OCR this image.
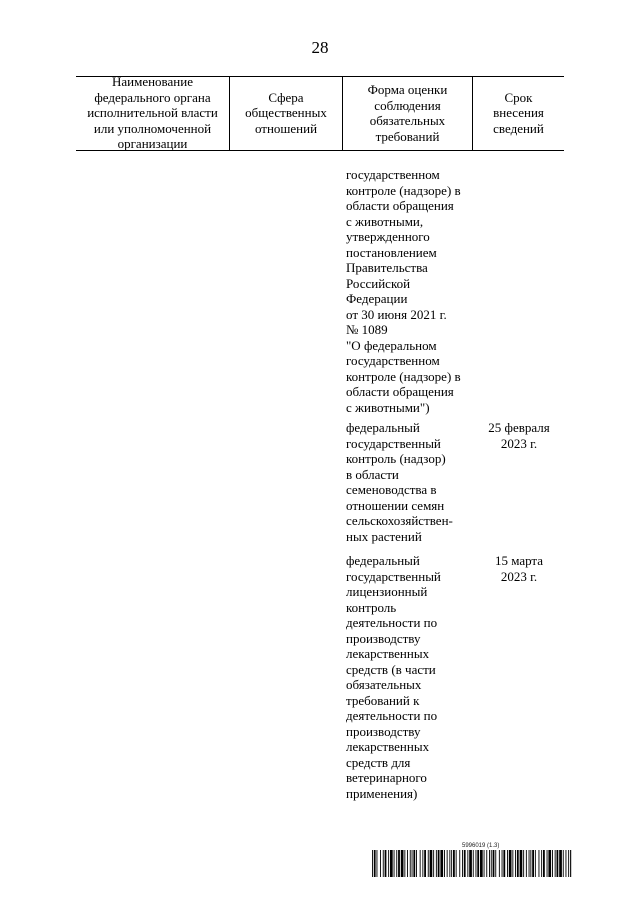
28
Наименование
федерального органа
исполнительной власти
или уполномоченной
организации
Сфера
общественных
отношений
Форма оценки
соблюдения
обязательных
требований
Срок
внесения
сведений
государственном
контроле (надзоре) в
области обращения
с животными,
утвержденного
постановлением
Правительства
Российской
Федерации
от 30 июня 2021 г.
№ 1089
"О федеральном
государственном
контроле (надзоре) в
области обращения
с животными")
федеральный
государственный
контроль (надзор)
в области
семеноводства в
отношении семян
сельскохозяйствен-
ных растений
25 февраля
2023 г.
федеральный
государственный
лицензионный
контроль
деятельности по
производству
лекарственных
средств (в части
обязательных
требований к
деятельности по
производству
лекарственных
средств для
ветеринарного
применения)
15 марта
2023 г.
5996019 (1.3)
